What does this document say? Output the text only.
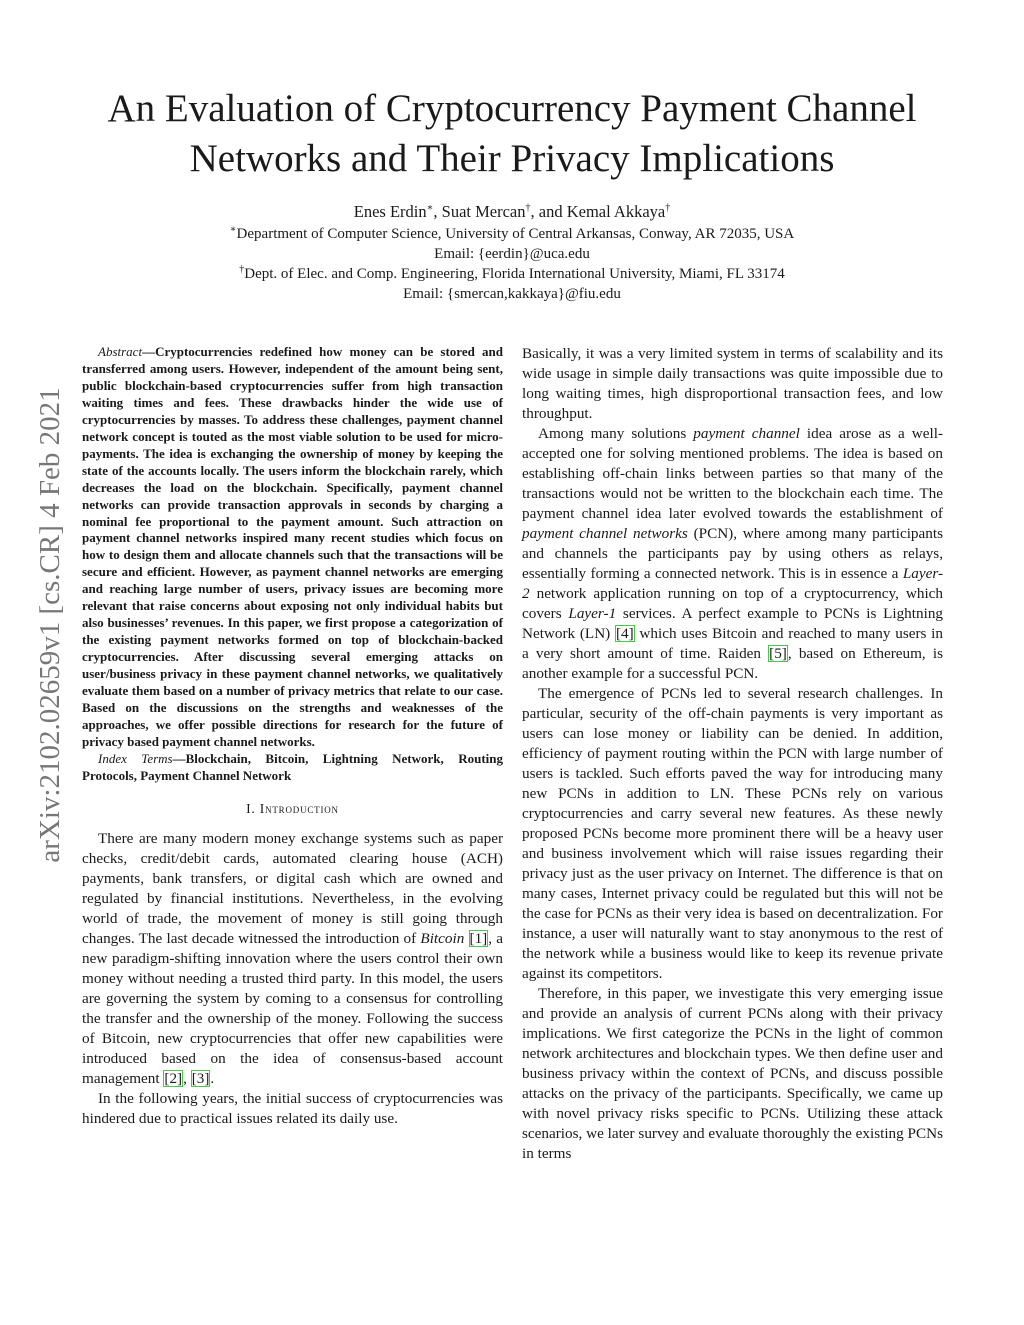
An Evaluation of Cryptocurrency Payment Channel
Networks and Their Privacy Implications
Enes Erdin∗, Suat Mercan†, and Kemal Akkaya†
∗Department of Computer Science, University of Central Arkansas, Conway, AR 72035, USA
Email: {eerdin}@uca.edu
†Dept. of Elec. and Comp. Engineering, Florida International University, Miami, FL 33174
Email: {smercan,kakkaya}@fiu.edu
arXiv:2102.02659v1 [cs.CR] 4 Feb 2021

Abstract—Cryptocurrencies redefined how money can be stored and transferred among users. However, independent of the amount being sent, public blockchain-based cryptocurrencies suffer from high transaction waiting times and fees. These drawbacks hinder the wide use of cryptocurrencies by masses. To address these challenges, payment channel network concept is touted as the most viable solution to be used for micro-payments. The idea is exchanging the ownership of money by keeping the state of the accounts locally. The users inform the blockchain rarely, which decreases the load on the blockchain. Specifically, payment channel networks can provide transaction approvals in seconds by charging a nominal fee proportional to the payment amount. Such attraction on payment channel networks inspired many recent studies which focus on how to design them and allocate channels such that the transactions will be secure and efficient. However, as payment channel networks are emerging and reaching large number of users, privacy issues are becoming more relevant that raise concerns about exposing not only individual habits but also businesses’ revenues. In this paper, we first propose a categorization of the existing payment networks formed on top of blockchain-backed cryptocurrencies. After discussing several emerging attacks on user/business privacy in these payment channel networks, we qualitatively evaluate them based on a number of privacy metrics that relate to our case. Based on the discussions on the strengths and weaknesses of the approaches, we offer possible directions for research for the future of privacy based payment channel networks.

Index Terms—Blockchain, Bitcoin, Lightning Network, Routing Protocols, Payment Channel Network

I. Introduction

There are many modern money exchange systems such as paper checks, credit/debit cards, automated clearing house (ACH) payments, bank transfers, or digital cash which are owned and regulated by financial institutions. Nevertheless, in the evolving world of trade, the movement of money is still going through changes. The last decade witnessed the introduction of Bitcoin [1], a new paradigm-shifting innovation where the users control their own money without needing a trusted third party. In this model, the users are governing the system by coming to a consensus for controlling the transfer and the ownership of the money. Following the success of Bitcoin, new cryptocurrencies that offer new capabilities were introduced based on the idea of consensus-based account management [2], [3].

In the following years, the initial success of cryptocurrencies was hindered due to practical issues related its daily use.

Basically, it was a very limited system in terms of scalability and its wide usage in simple daily transactions was quite impossible due to long waiting times, high disproportional transaction fees, and low throughput.

Among many solutions payment channel idea arose as a well-accepted one for solving mentioned problems. The idea is based on establishing off-chain links between parties so that many of the transactions would not be written to the blockchain each time. The payment channel idea later evolved towards the establishment of payment channel networks (PCN), where among many participants and channels the participants pay by using others as relays, essentially forming a connected network. This is in essence a Layer-2 network application running on top of a cryptocurrency, which covers Layer-1 services. A perfect example to PCNs is Lightning Network (LN) [4] which uses Bitcoin and reached to many users in a very short amount of time. Raiden [5], based on Ethereum, is another example for a successful PCN.

The emergence of PCNs led to several research challenges. In particular, security of the off-chain payments is very important as users can lose money or liability can be denied. In addition, efficiency of payment routing within the PCN with large number of users is tackled. Such efforts paved the way for introducing many new PCNs in addition to LN. These PCNs rely on various cryptocurrencies and carry several new features. As these newly proposed PCNs become more prominent there will be a heavy user and business involvement which will raise issues regarding their privacy just as the user privacy on Internet. The difference is that on many cases, Internet privacy could be regulated but this will not be the case for PCNs as their very idea is based on decentralization. For instance, a user will naturally want to stay anonymous to the rest of the network while a business would like to keep its revenue private against its competitors.

Therefore, in this paper, we investigate this very emerging issue and provide an analysis of current PCNs along with their privacy implications. We first categorize the PCNs in the light of common network architectures and blockchain types. We then define user and business privacy within the context of PCNs, and discuss possible attacks on the privacy of the participants. Specifically, we came up with novel privacy risks specific to PCNs. Utilizing these attack scenarios, we later survey and evaluate thoroughly the existing PCNs in terms
